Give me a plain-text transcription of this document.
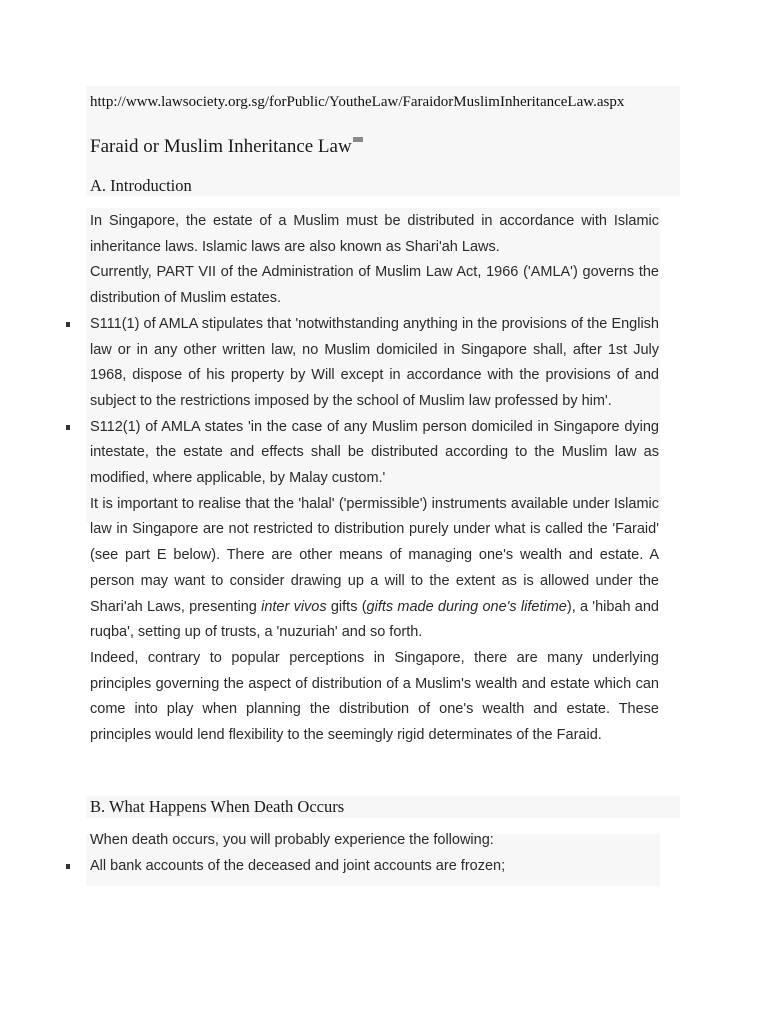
http://www.lawsociety.org.sg/forPublic/YoutheLaw/FaraidorMuslimInheritanceLaw.aspx
Faraid or Muslim Inheritance Law
A. Introduction

In Singapore, the estate of a Muslim must be distributed in accordance with Islamic inheritance laws. Islamic laws are also known as Shari'ah Laws.

Currently, PART VII of the Administration of Muslim Law Act, 1966 ('AMLA') governs the distribution of Muslim estates.

S111(1) of AMLA stipulates that 'notwithstanding anything in the provisions of the English law or in any other written law, no Muslim domiciled in Singapore shall, after 1st July 1968, dispose of his property by Will except in accordance with the provisions of and subject to the restrictions imposed by the school of Muslim law professed by him'.

S112(1) of AMLA states 'in the case of any Muslim person domiciled in Singapore dying intestate, the estate and effects shall be distributed according to the Muslim law as modified, where applicable, by Malay custom.'

It is important to realise that the 'halal' ('permissible') instruments available under Islamic law in Singapore are not restricted to distribution purely under what is called the 'Faraid' (see part E below). There are other means of managing one's wealth and estate. A person may want to consider drawing up a will to the extent as is allowed under the Shari'ah Laws, presenting inter vivos gifts (gifts made during one's lifetime), a 'hibah and ruqba', setting up of trusts, a 'nuzuriah' and so forth.

Indeed, contrary to popular perceptions in Singapore, there are many underlying principles governing the aspect of distribution of a Muslim's wealth and estate which can come into play when planning the distribution of one's wealth and estate. These principles would lend flexibility to the seemingly rigid determinates of the Faraid.

B. What Happens When Death Occurs

When death occurs, you will probably experience the following:

All bank accounts of the deceased and joint accounts are frozen;
